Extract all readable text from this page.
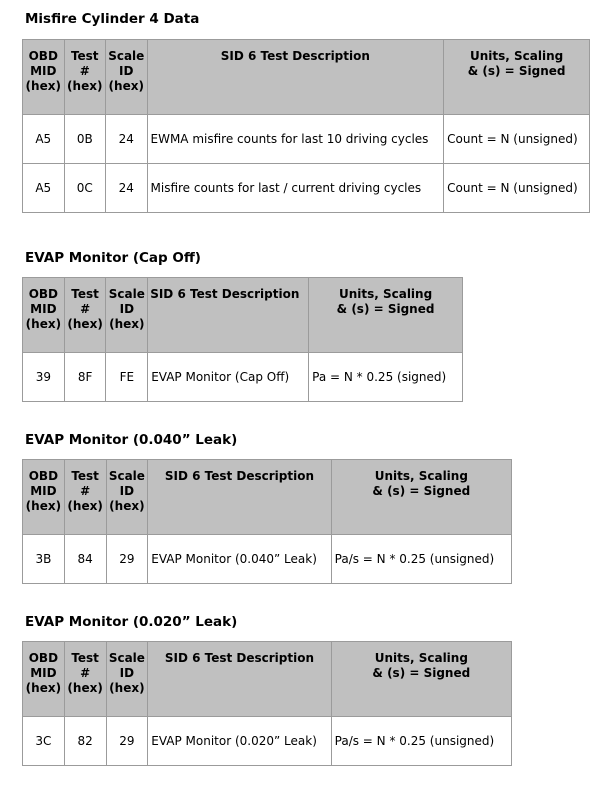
Misfire Cylinder 4 Data
OBD
MID
(hex)	Test
#
(hex)	Scale
ID
(hex)	SID 6 Test Description	Units, Scaling
& (s) = Signed

A5	0B	24	EWMA misfire counts for last 10 driving cycles	Count = N (unsigned)
A5	0C	24	Misfire counts for last / current driving cycles	Count = N (unsigned)
EVAP Monitor (Cap Off)
OBD
MID
(hex)	Test
#
(hex)	Scale
ID
(hex)	SID 6 Test Description	Units, Scaling
& (s) = Signed

39	8F	FE	EVAP Monitor (Cap Off)	Pa = N * 0.25 (signed)
EVAP Monitor (0.040” Leak)
OBD
MID
(hex)	Test
#
(hex)	Scale
ID
(hex)	SID 6 Test Description	Units, Scaling
& (s) = Signed

3B	84	29	EVAP Monitor (0.040” Leak)	Pa/s = N * 0.25 (unsigned)
EVAP Monitor (0.020” Leak)
OBD
MID
(hex)	Test
#
(hex)	Scale
ID
(hex)	SID 6 Test Description	Units, Scaling
& (s) = Signed

3C	82	29	EVAP Monitor (0.020” Leak)	Pa/s = N * 0.25 (unsigned)
